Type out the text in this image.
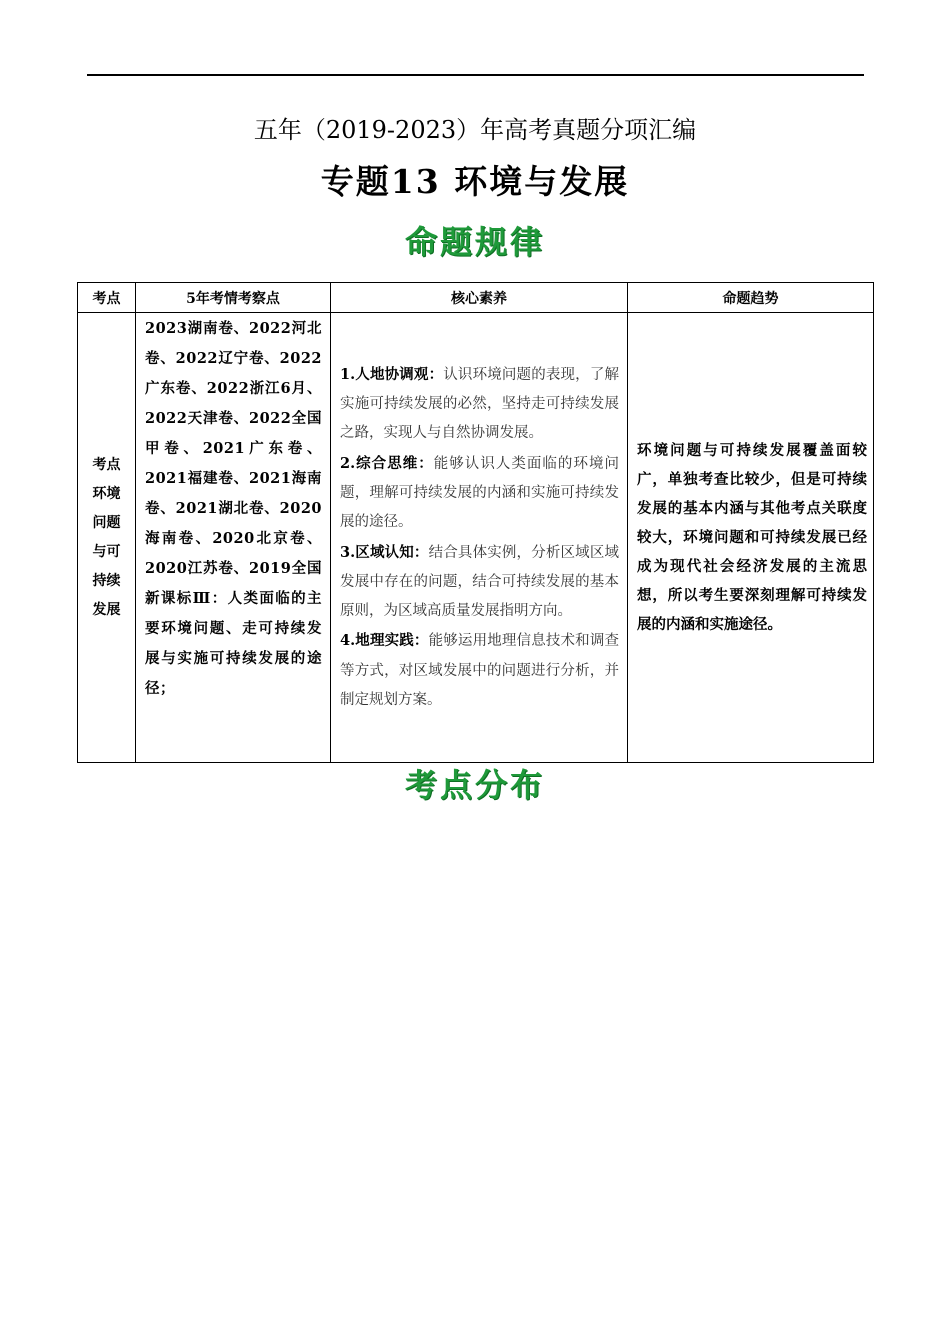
五年（2019-2023）年高考真题分项汇编
专题13 环境与发展
命题规律
考点	5年考情考察点	核心素养	命题趋势
考点环境问题与可持续发展	2023湖南卷、2022河北卷、2022辽宁卷、2022广东卷、2022浙江6月、2022天津卷、2022全国甲卷、2021广东卷、2021福建卷、2021海南卷、2021湖北卷、2020海南卷、2020北京卷、2020江苏卷、2019全国新课标Ⅲ：人类面临的主要环境问题、走可持续发展与实施可持续发展的途径；	1.人地协调观：认识环境问题的表现，了解实施可持续发展的必然，坚持走可持续发展之路，实现人与自然协调发展。

2.综合思维：能够认识人类面临的环境问题，理解可持续发展的内涵和实施可持续发展的途径。

3.区域认知：结合具体实例，分析区域区域发展中存在的问题，结合可持续发展的基本原则，为区域高质量发展指明方向。

4.地理实践：能够运用地理信息技术和调查等方式，对区域发展中的问题进行分析，并制定规划方案。	环境问题与可持续发展覆盖面较广，单独考查比较少，但是可持续发展的基本内涵与其他考点关联度较大，环境问题和可持续发展已经成为现代社会经济发展的主流思想，所以考生要深刻理解可持续发展的内涵和实施途径。
考点分布
